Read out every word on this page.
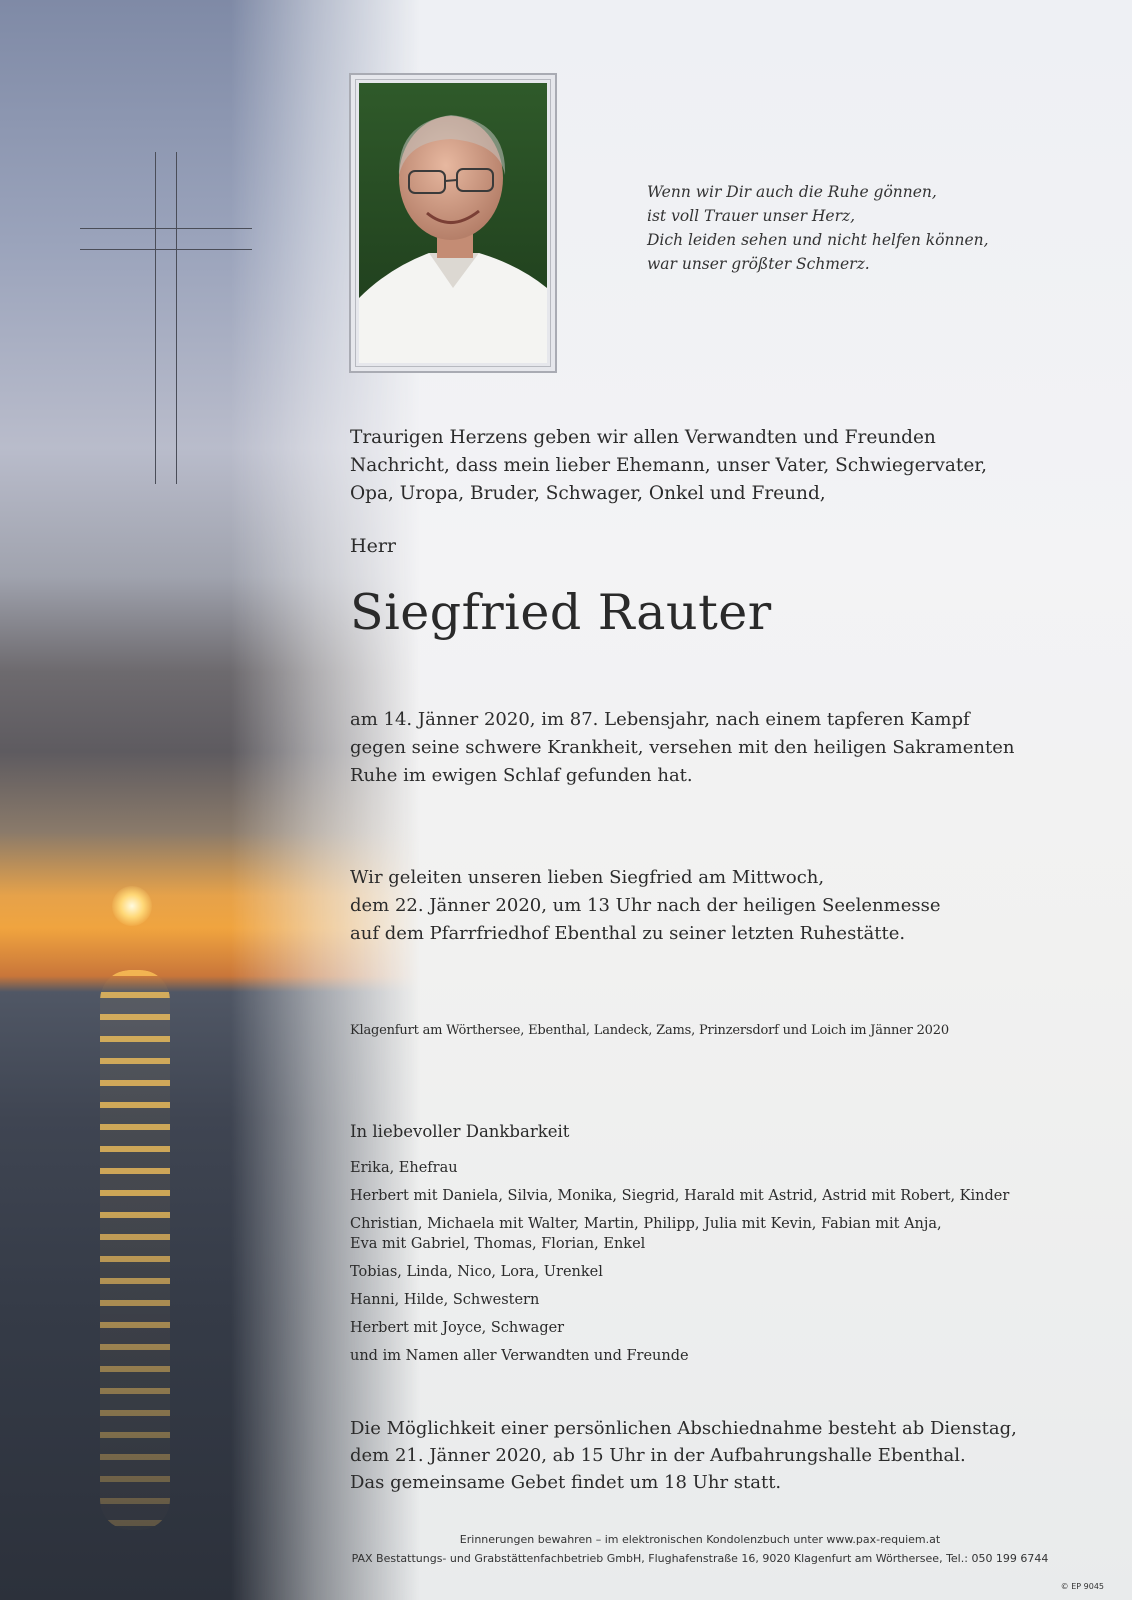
Wenn wir Dir auch die Ruhe gönnen,
ist voll Trauer unser Herz,
Dich leiden sehen und nicht helfen können,
war unser größter Schmerz.
Traurigen Herzens geben wir allen Verwandten und Freunden
Nachricht, dass mein lieber Ehemann, unser Vater, Schwiegervater,
Opa, Uropa, Bruder, Schwager, Onkel und Freund,
Herr
Siegfried Rauter
am 14. Jänner 2020, im 87. Lebensjahr, nach einem tapferen Kampf
gegen seine schwere Krankheit, versehen mit den heiligen Sakramenten
Ruhe im ewigen Schlaf gefunden hat.
Wir geleiten unseren lieben Siegfried am Mittwoch,
dem 22. Jänner 2020, um 13 Uhr nach der heiligen Seelenmesse
auf dem Pfarrfriedhof Ebenthal zu seiner letzten Ruhestätte.
Klagenfurt am Wörthersee, Ebenthal, Landeck, Zams, Prinzersdorf und Loich im Jänner 2020
In liebevoller Dankbarkeit
Erika, Ehefrau
Herbert mit Daniela, Silvia, Monika, Siegrid, Harald mit Astrid, Astrid mit Robert, Kinder
Christian, Michaela mit Walter, Martin, Philipp, Julia mit Kevin, Fabian mit Anja,
Eva mit Gabriel, Thomas, Florian, Enkel
Tobias, Linda, Nico, Lora, Urenkel
Hanni, Hilde, Schwestern
Herbert mit Joyce, Schwager
und im Namen aller Verwandten und Freunde
Die Möglichkeit einer persönlichen Abschiednahme besteht ab Dienstag,
dem 21. Jänner 2020, ab 15 Uhr in der Aufbahrungshalle Ebenthal.
Das gemeinsame Gebet findet um 18 Uhr statt.
Erinnerungen bewahren – im elektronischen Kondolenzbuch unter www.pax-requiem.at
PAX Bestattungs- und Grabstättenfachbetrieb GmbH, Flughafenstraße 16, 9020 Klagenfurt am Wörthersee, Tel.: 050 199 6744
© EP 9045
